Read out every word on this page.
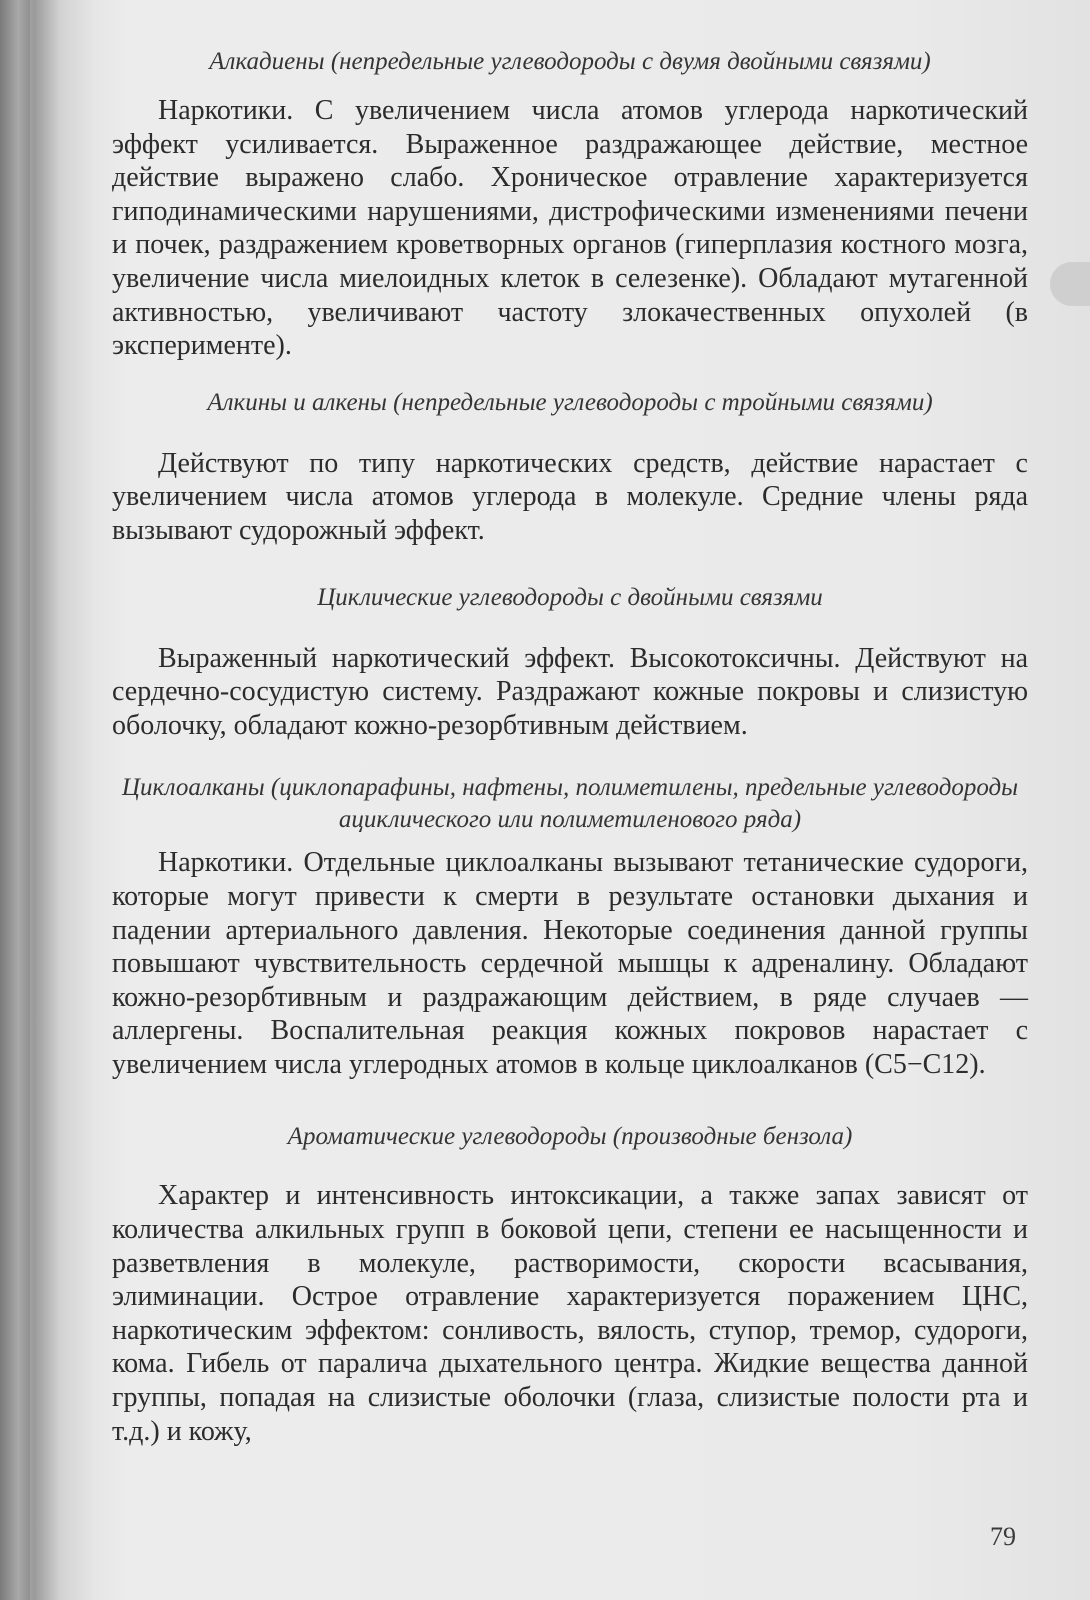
Алкадиены (непредельные углеводороды с двумя двойными связями)

Наркотики. С увеличением числа атомов углерода наркотический эффект усиливается. Выраженное раздражающее действие, местное действие выражено слабо. Хроническое отравление характеризуется гиподинамическими нарушениями, дистрофическими изменениями печени и почек, раздражением кроветворных органов (гиперплазия костного мозга, увеличение числа миелоидных клеток в селезенке). Обладают мутагенной активностью, увеличивают частоту злокачественных опухолей (в эксперименте).

Алкины и алкены (непредельные углеводороды с тройными связями)

Действуют по типу наркотических средств, действие нарастает с увеличением числа атомов углерода в молекуле. Средние члены ряда вызывают судорожный эффект.

Циклические углеводороды с двойными связями

Выраженный наркотический эффект. Высокотоксичны. Действуют на сердечно-сосудистую систему. Раздражают кожные покровы и слизистую оболочку, обладают кожно-резорбтивным действием.

Циклоалканы (циклопарафины, нафтены, полиметилены, предельные углеводороды ациклического или полиметиленового ряда)

Наркотики. Отдельные циклоалканы вызывают тетанические судороги, которые могут привести к смерти в результате остановки дыхания и падении артериального давления. Некоторые соединения данной группы повышают чувствительность сердечной мышцы к адреналину. Обладают кожно-резорбтивным и раздражающим действием, в ряде случаев — аллергены. Воспалительная реакция кожных покровов нарастает с увеличением числа углеродных атомов в кольце циклоалканов (С5−С12).

Ароматические углеводороды (производные бензола)

Характер и интенсивность интоксикации, а также запах зависят от количества алкильных групп в боковой цепи, степени ее насыщенности и разветвления в молекуле, растворимости, скорости всасывания, элиминации. Острое отравление характеризуется поражением ЦНС, наркотическим эффектом: сонливость, вялость, ступор, тремор, судороги, кома. Гибель от паралича дыхательного центра. Жидкие вещества данной группы, попадая на слизистые оболочки (глаза, слизистые полости рта и т.д.) и кожу,

79
